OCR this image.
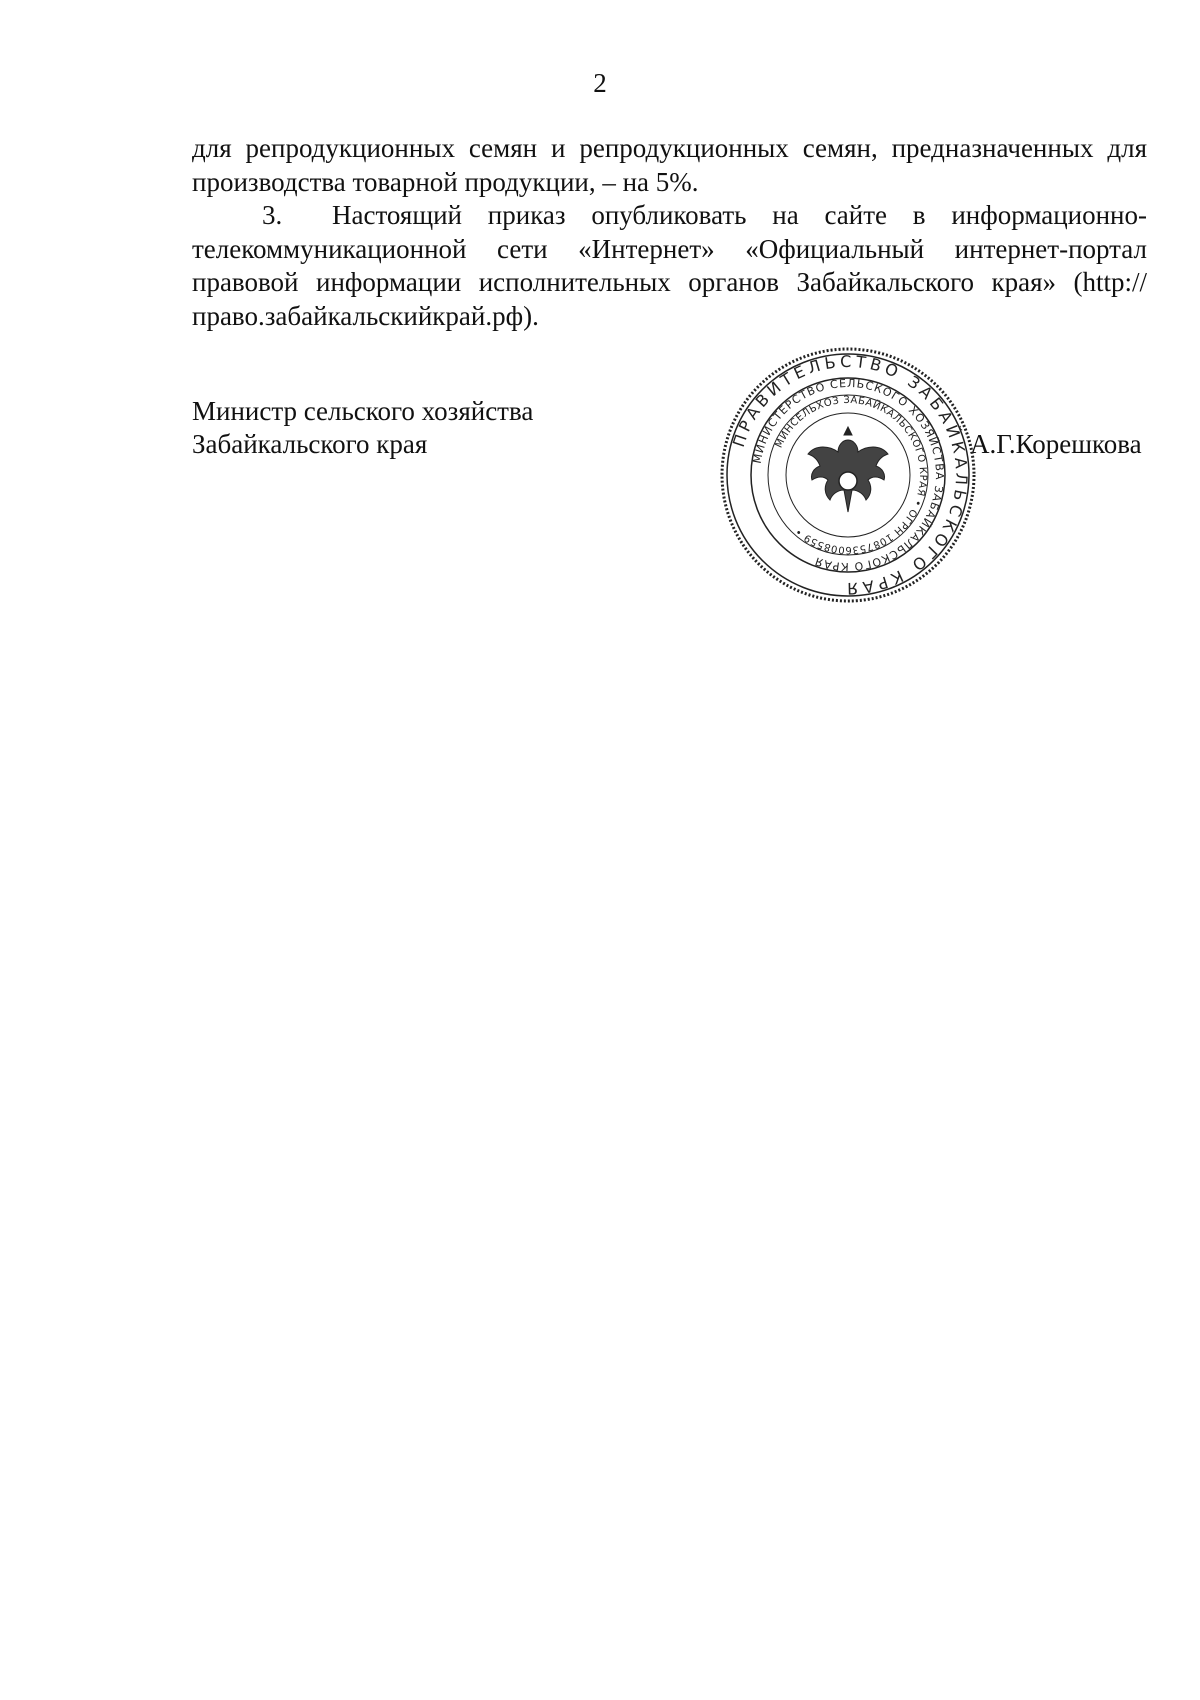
2

для репродукционных семян и репродукционных семян, предназначенных для производства товарной продукции, – на 5%.

3. Настоящий приказ опубликовать на сайте в информационно-телекоммуникационной сети «Интернет» «Официальный интернет-портал правовой информации исполнительных органов Забайкальского края» (http://право.забайкальскийкрай.рф).

Министр сельского хозяйства
Забайкальского края	А.Г.Корешкова
ПРАВИТЕЛЬСТВО ЗАБАЙКАЛЬСКОГО КРАЯ
МИНИСТЕРСТВО СЕЛЬСКОГО ХОЗЯЙСТВА ЗАБАЙКАЛЬСКОГО КРАЯ
МИНСЕЛЬХОЗ ЗАБАЙКАЛЬСКОГО КРАЯ • ОГРН 1087536008559 •
